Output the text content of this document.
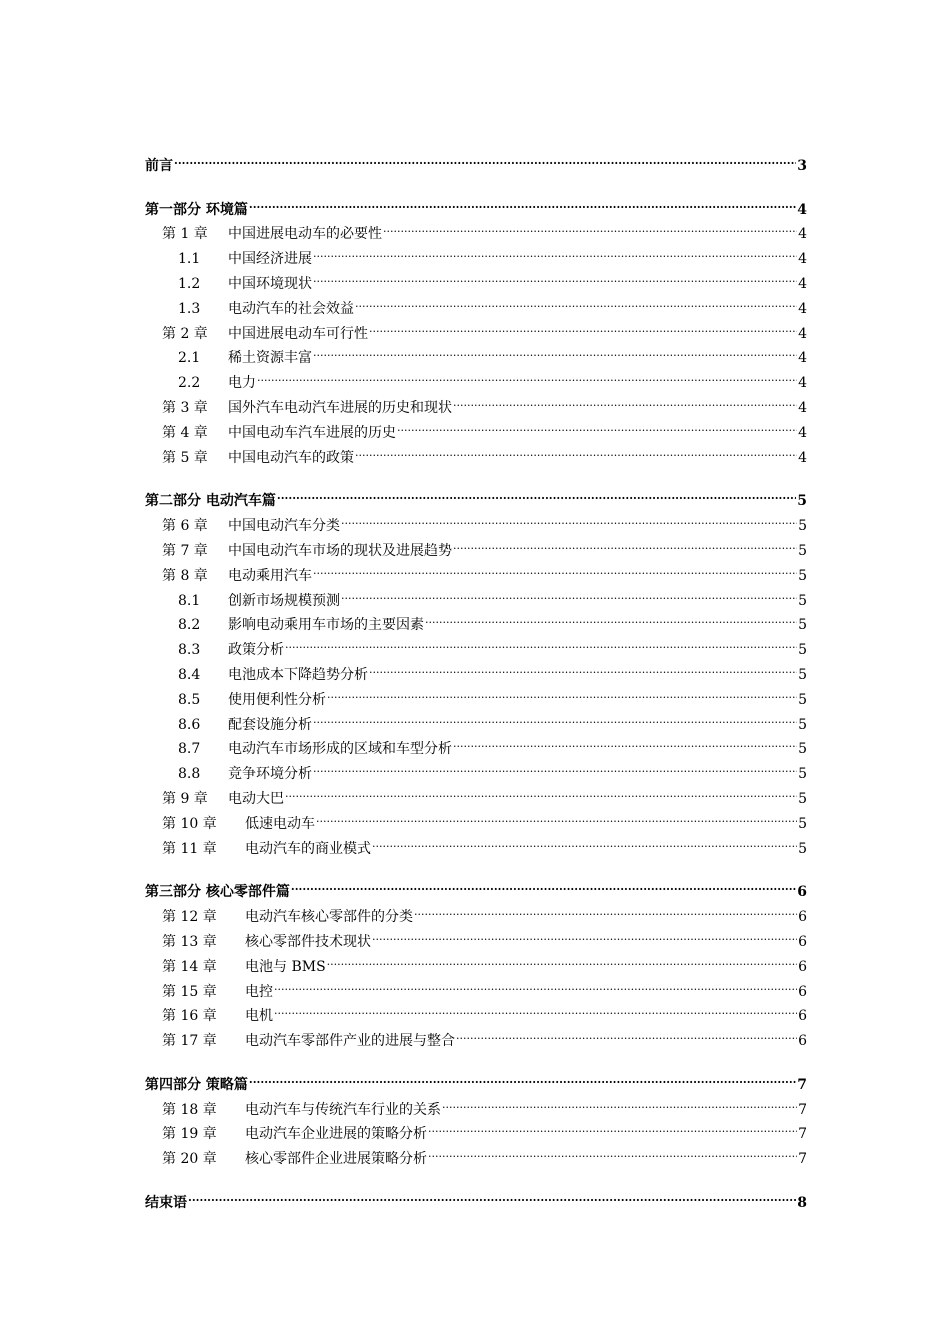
前言 .....	3
第一部分 环境篇 .....	4
第 1 章	中国进展电动车的必要性 .....	4
1.1	中国经济进展 .....	4
1.2	中国环境现状 .....	4
1.3	电动汽车的社会效益 .....	4
第 2 章	中国进展电动车可行性 .....	4
2.1	稀土资源丰富 .....	4
2.2	电力 .....	4
第 3 章	国外汽车电动汽车进展的历史和现状 .....	4
第 4 章	中国电动车汽车进展的历史 .....	4
第 5 章	中国电动汽车的政策 .....	4
第二部分 电动汽车篇 .....	5
第 6 章	中国电动汽车分类 .....	5
第 7 章	中国电动汽车市场的现状及进展趋势 .....	5
第 8 章	电动乘用汽车 .....	5
8.1	创新市场规模预测 .....	5
8.2	影响电动乘用车市场的主要因素 .....	5
8.3	政策分析 .....	5
8.4	电池成本下降趋势分析 .....	5
8.5	使用便利性分析 .....	5
8.6	配套设施分析 .....	5
8.7	电动汽车市场形成的区域和车型分析 .....	5
8.8	竞争环境分析 .....	5
第 9 章	电动大巴 .....	5
第 10 章	低速电动车 .....	5
第 11 章	电动汽车的商业模式 .....	5
第三部分 核心零部件篇 .....	6
第 12 章	电动汽车核心零部件的分类 .....	6
第 13 章	核心零部件技术现状 .....	6
第 14 章	电池与 BMS .....	6
第 15 章	电控 .....	6
第 16 章	电机 .....	6
第 17 章	电动汽车零部件产业的进展与整合 .....	6
第四部分 策略篇 .....	7
第 18 章	电动汽车与传统汽车行业的关系 .....	7
第 19 章	电动汽车企业进展的策略分析 .....	7
第 20 章	核心零部件企业进展策略分析 .....	7
结束语 .....	8
